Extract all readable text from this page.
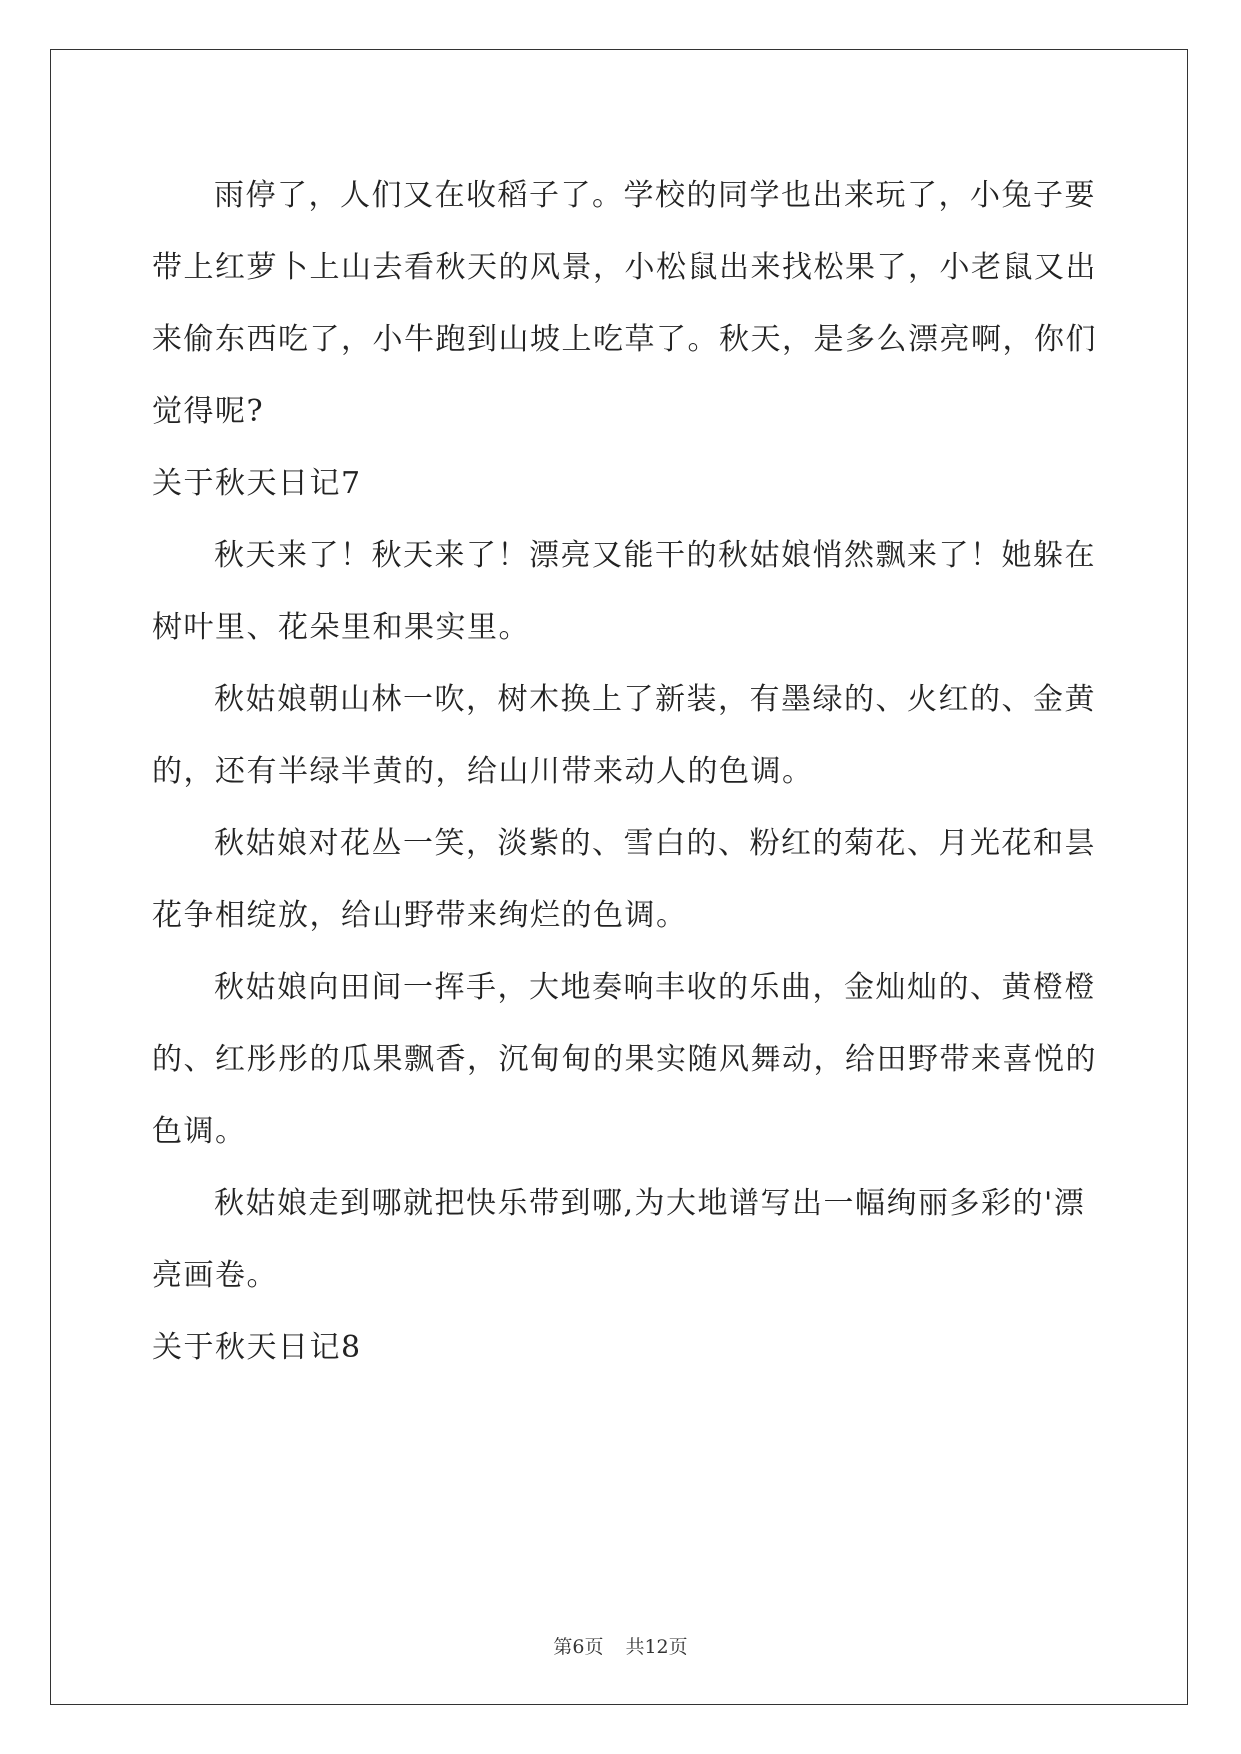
雨停了，人们又在收稻子了。学校的同学也出来玩了，小兔子要
带上红萝卜上山去看秋天的风景，小松鼠出来找松果了，小老鼠又出
来偷东西吃了，小牛跑到山坡上吃草了。秋天，是多么漂亮啊，你们
觉得呢?
关于秋天日记7
秋天来了！秋天来了！漂亮又能干的秋姑娘悄然飘来了！她躲在
树叶里、花朵里和果实里。
秋姑娘朝山林一吹，树木换上了新装，有墨绿的、火红的、金黄
的，还有半绿半黄的，给山川带来动人的色调。
秋姑娘对花丛一笑，淡紫的、雪白的、粉红的菊花、月光花和昙
花争相绽放，给山野带来绚烂的色调。
秋姑娘向田间一挥手，大地奏响丰收的乐曲，金灿灿的、黄橙橙
的、红彤彤的瓜果飘香，沉甸甸的果实随风舞动，给田野带来喜悦的
色调。
秋姑娘走到哪就把快乐带到哪,为大地谱写出一幅绚丽多彩的'漂
亮画卷。
关于秋天日记8
第6页 共12页
